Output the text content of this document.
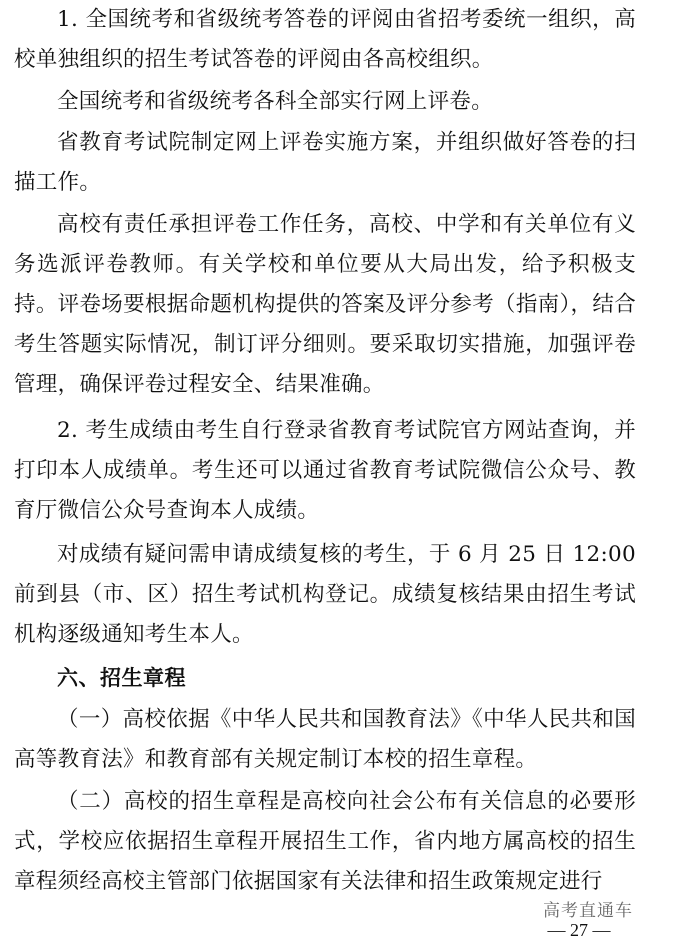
1. 全国统考和省级统考答卷的评阅由省招考委统一组织，高校单独组织的招生考试答卷的评阅由各高校组织。

全国统考和省级统考各科全部实行网上评卷。

省教育考试院制定网上评卷实施方案，并组织做好答卷的扫描工作。

高校有责任承担评卷工作任务，高校、中学和有关单位有义务选派评卷教师。有关学校和单位要从大局出发，给予积极支持。评卷场要根据命题机构提供的答案及评分参考（指南），结合考生答题实际情况，制订评分细则。要采取切实措施，加强评卷管理，确保评卷过程安全、结果准确。

2. 考生成绩由考生自行登录省教育考试院官方网站查询，并打印本人成绩单。考生还可以通过省教育考试院微信公众号、教育厅微信公众号查询本人成绩。

对成绩有疑问需申请成绩复核的考生，于 6 月 25 日 12:00 前到县（市、区）招生考试机构登记。成绩复核结果由招生考试机构逐级通知考生本人。

六、招生章程

（一）高校依据《中华人民共和国教育法》《中华人民共和国高等教育法》和教育部有关规定制订本校的招生章程。

（二）高校的招生章程是高校向社会公布有关信息的必要形式，学校应依据招生章程开展招生工作，省内地方属高校的招生章程须经高校主管部门依据国家有关法律和招生政策规定进行

高考直通车
— 27 —
